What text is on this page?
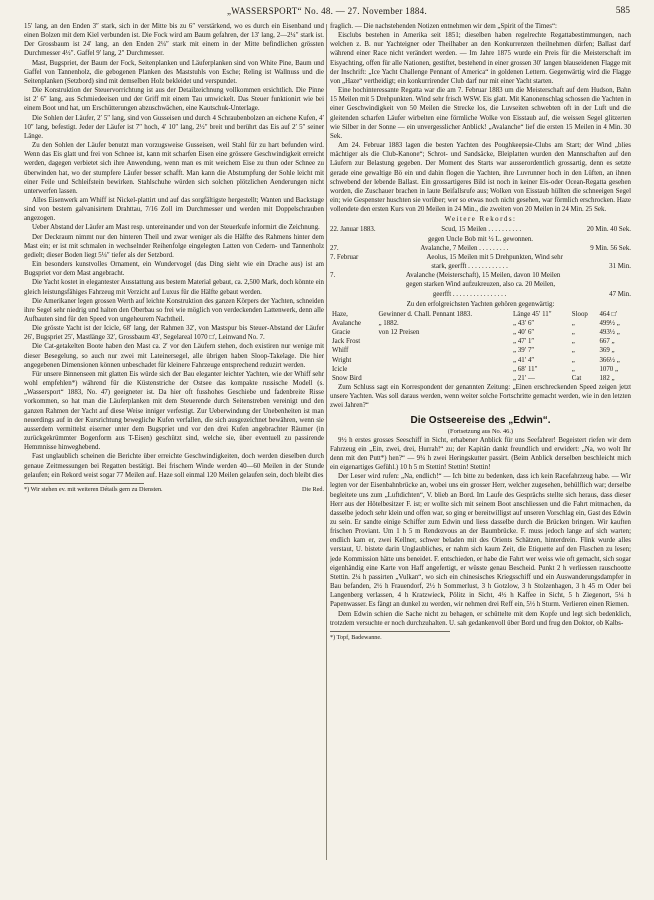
„WASSERSPORT“ No. 48. — 27. November 1884.	585

15′ lang, an den Enden 3″ stark, sich in der Mitte bis zu 6″ verstärkend, wo es durch ein Eisenband und einen Bolzen mit dem Kiel verbunden ist. Die Fock wird am Baum gefahren, der 13′ lang, 2—2¼″ stark ist. Der Grossbaum ist 24′ lang, an den Enden 2¼″ stark mit einem in der Mitte befindlichen grössten Durchmesser 4½″. Gaffel 9′ lang, 2″ Durchmesser.

Mast, Bugspriet, der Baum der Fock, Seitenplanken und Läuferplanken sind von White Pine, Baum und Gaffel von Tannenholz, die gebogenen Planken des Maststuhls von Esche; Reling ist Wallnuss und die Seitenplanken (Setzbord) sind mit demselben Holz bekleidet und verspundet.

Die Konstruktion der Steuervorrichtung ist aus der Detailzeichnung vollkommen ersichtlich. Die Pinne ist 2′ 6″ lang, aus Schmiedeeisen und der Griff mit einem Tau umwickelt. Das Steuer funktionirt wie bei einem Boot und hat, um Erschütterungen abzuschwächen, eine Kautschuk-Unterlage.

Die Sohlen der Läufer, 2′ 5″ lang, sind von Gusseisen und durch 4 Schraubenbolzen an eichene Kufen, 4′ 10″ lang, befestigt. Jeder der Läufer ist 7″ hoch, 4′ 10″ lang, 2½″ breit und berührt das Eis auf 2′ 5″ seiner Länge.

Zu den Sohlen der Läufer benutzt man vorzugsweise Gusseisen, weil Stahl für zu hart befunden wird. Wenn das Eis glatt und frei von Schnee ist, kann mit scharfen Eisen eine grössere Geschwindigkeit erreicht werden, dagegen verbietet sich ihre Anwendung, wenn man es mit weichem Eise zu thun oder Schnee zu überwinden hat, wo der stumpfere Läufer besser schafft. Man kann die Abstumpfung der Sohle leicht mit einer Feile und Schleifstein bewirken. Stahlschuhe würden sich solchen plötzlichen Aenderungen nicht unterwerfen lassen.

Alles Eisenwerk am Whiff ist Nickel-plattirt und auf das sorgfältigste hergestellt; Wanten und Backstage sind von bestem galvanisirtem Drahttau, 7/16 Zoll im Durchmesser und werden mit Doppelschrauben angezogen.

Ueber Abstand der Läufer am Mast resp. untereinander und von der Steuerkufe informirt die Zeichnung.

Der Deckraum nimmt nur den hinteren Theil und zwar weniger als die Hälfte des Rahmens hinter dem Mast ein; er ist mit schmalen in wechselnder Reihenfolge eingelegten Latten von Cedern- und Tannenholz gedielt; dieser Boden liegt 5¼″ tiefer als der Setzbord.

Ein besonders kunstvolles Ornament, ein Wundervogel (das Ding sieht wie ein Drache aus) ist am Bugspriet vor dem Mast angebracht.

Die Yacht kostet in elegantester Ausstattung aus bestem Material gebaut, ca. 2,500 Mark, doch könnte ein gleich leistungsfähiges Fahrzeug mit Verzicht auf Luxus für die Hälfte gebaut werden.

Die Amerikaner legen grossen Werth auf leichte Konstruktion des ganzen Körpers der Yachten, schneiden ihre Segel sehr niedrig und halten den Oberbau so frei wie möglich von verdeckenden Lattenwerk, denn alle Aufbauten sind für den Speed von ungeheurem Nachtheil.

Die grösste Yacht ist der Icicle, 68′ lang, der Rahmen 32′, von Mastspur bis Steuer-Abstand der Läufer 26′, Bugspriet 25′, Mastlänge 32′, Grossbaum 43′, Segelareal 1070 □′, Leinwand No. 7.

Die Cat-getakelten Boote haben den Mast ca. 2′ vor den Läufern stehen, doch existiren nur wenige mit dieser Besegelung, so auch nur zwei mit Lateinersegel, alle übrigen haben Sloop-Takelage. Die hier angegebenen Dimensionen können unbeschadet für kleinere Fahrzeuge entsprechend reduzirt werden.

Für unsere Binnenseen mit glatten Eis würde sich der Bau eleganter leichter Yachten, wie der Whiff sehr wohl empfehlen*) während für die Küstenstriche der Ostsee das kompakte russische Modell (s. „Wassersport“ 1883, No. 47) geeigneter ist. Da hier oft fusshohes Geschiebe und fadenbreite Risse vorkommen, so hat man die Läuferplanken mit dem Steuerende durch Seitenstreben vereinigt und den ganzen Rahmen der Yacht auf diese Weise inniger verfestigt. Zur Ueberwindung der Unebenheiten ist man neuerdings auf in der Kursrichtung bewegliche Kufen verfallen, die sich ausgezeichnet bewähren, wenn sie ausserdem vermittelst eiserner unter dem Bugspriet und vor den drei Kufen angebrachter Räumer (in zurückgekrümmter Bogenform aus T-Eisen) geschützt sind, welche sie, über eventuell zu passirende Hemmnisse hinweghebend.

Fast unglaublich scheinen die Berichte über erreichte Geschwindigkeiten, doch werden dieselben durch genaue Zeitmessungen bei Regatten bestätigt. Bei frischem Winde werden 40—60 Meilen in der Stunde gelaufen; ein Rekord weist sogar 77 Meilen auf. Haze soll einmal 120 Meilen gelaufen sein, doch bleibt dies

*) Wir stehen ev. mit weiteren Détails gern zu Diensten.	Die Red.

fraglich. — Die nachstehenden Notizen entnehmen wir dem „Spirit of the Times“:

Eisclubs bestehen in Amerika seit 1851; dieselben haben regelrechte Regattabestimmungen, nach welchen z. B. nur Yachteigner oder Theilhaber an den Konkurrenzen theilnehmen dürfen; Ballast darf während einer Race nicht verändert werden. — Im Jahre 1875 wurde ein Preis für die Meisterschaft im Eisyachting, offen für alle Nationen, gestiftet, bestehend in einer grossen 30′ langen blauseidenen Flagge mit der Inschrift: „Ice Yacht Challenge Pennant of America“ in goldenen Lettern. Gegenwärtig wird die Flagge von „Haze“ vertheidigt; ein konkurrirender Club darf nur mit einer Yacht starten.

Eine hochinteressante Regatta war die am 7. Februar 1883 um die Meisterschaft auf dem Hudson, Bahn 15 Meilen mit 5 Drehpunkten. Wind sehr frisch WSW. Eis glatt. Mit Kanonenschlag schossen die Yachten in einer Geschwindigkeit von 50 Meilen die Strecke los, die Luvseiten schwebten oft in der Luft und die gleitenden scharfen Läufer wirbelten eine förmliche Wolke von Eisstaub auf, die weissen Segel glitzerten wie Silber in der Sonne — ein unvergesslicher Anblick! „Avalanche“ lief die ersten 15 Meilen in 4 Min. 30 Sek.

Am 24. Februar 1883 lagen die besten Yachten des Poughkeepsie-Clubs am Start; der Wind „blies mächtiger als die Club-Kanone“; Schrot- und Sandsäcke, Bleiplatten wurden den Mannschaften auf den Läufern zur Belastung gegeben. Der Moment des Starts war ausserordentlich grossartig, denn es setzte gerade eine gewaltige Bö ein und dahin flogen die Yachten, ihre Luvrunner hoch in den Lüften, an ihnen schwebend der lebende Ballast. Ein grossartigeres Bild ist noch in keiner Eis-oder Ocean-Regatta gesehen worden, die Zuschauer brachen in laute Beifallsrufe aus; Wolken von Eisstaub hüllten die schneeigen Segel ein; wie Gespenster huschten sie vorüber; wer so etwas noch nicht gesehen, war förmlich erschrocken. Haze vollendete den ersten Kurs von 20 Meilen in 24 Min., die zweiten von 20 Meilen in 24 Min. 25 Sek.

Weitere Rekords:
22. Januar 1883.	Scud, 15 Meilen . . . . . . . . . .	20 Min. 40 Sek.
gegen Uncle Bob mit ½ L. gewonnen.
27.	Avalanche, 7 Meilen . . . . . . . . .	9 Min. 56 Sek.
7. Februar	Aeolus, 15 Meilen mit 5 Drehpunkten, Wind sehr
stark, geerfft . . . . . . . . . . . .	31 Min.
7.	Avalanche (Meisterschaft), 15 Meilen, davon 10 Meilen
gegen starken Wind aufzukreuzen, also ca. 20 Meilen,
geerfft . . . . . . . . . . . . . . . .	47 Min.
Zu den erfolgreichsten Yachten gehören gegenwärtig:
Haze,	Gewinner d. Chall. Pennant 1883.	Länge 45′ 11″	Sloop	464 □′
Avalanche	„ 1882.	„ 43′ 6″	„	499½ „
Gracie	von 12 Preisen	„ 40′ 6″	„	493½ „
Jack Frost		„ 47′ 1″	„	667 „
Whiff		„ 39′ 7″	„	369 „
Wright		„ 41′ 4″	„	366½ „
Icicle		„ 68′ 11″	„	1070 „
Snow Bird		„ 21′ —	Cat	182 „

Zum Schluss sagt ein Korrespondent der genannten Zeitung: „Einen erschreckenden Speed zeigen jetzt unsere Yachten. Was soll daraus werden, wenn weiter solche Fortschritte gemacht werden, wie in den letzten zwei Jahren?“

Die Ostseereise des „Edwin“.
(Fortsetzung aus No. 46.)

9½ h erstes grosses Seeschiff in Sicht, erhabener Anblick für uns Seefahrer! Begeistert riefen wir dem Fahrzeug ein „Ein, zwei, drei, Hurrah!“ zu; der Kapitän dankt freundlich und erwidert: „Na, wo wolt Ihr denn mit den Putt*) hen?“ — 9¾ h zwei Heringskutter passirt. (Beim Anblick derselben beschleicht mich ein eigenartiges Gefühl.) 10 h 5 m Stettin! Stettin! Stettin!

Der Leser wird rufen: „Na, endlich!“ — Ich bitte zu bedenken, dass ich kein Racefahrzeug habe. — Wir legten vor der Eisenbahnbrücke an, wobei uns ein grosser Herr, welcher zugesehen, behülflich war; derselbe begleitete uns zum „Luftdichten“, V. blieb an Bord. Im Laufe des Gesprächs stellte sich heraus, dass dieser Herr aus der Hötelbesitzer F. ist; er wollte sich mit seinem Boot anschliessen und die Fahrt mitmachen, da dasselbe jedoch sehr klein und offen war, so ging er bereitwilligst auf unseren Vorschlag ein, Gast des Edwin zu sein. Er sandte einige Schiffer zum Edwin und liess dasselbe durch die Brücken bringen. Wir kauften frischen Proviant. Um 1 h 5 m Rendezvous an der Baumbrücke. F. muss jedoch lange auf sich warten; endlich kam er, zwei Kellner, schwer beladen mit des Orients Schätzen, hinterdrein. Flink wurde alles verstaut, U. bistete darin Unglaubliches, er nahm sich kaum Zeit, die Etiquette auf den Flaschen zu lesen; jede Kommission hätte uns beneidet. F. entschieden, er habe die Fahrt wer weiss wie oft gemacht, sich sogar eigenhändig eine Karte von Haff angefertigt, er wüsste genau Bescheid. Punkt 2 h verliessen rauschootte Stettin. 2¼ h passirten „Vulkan“, wo sich ein chinesisches Kriegsschiff und ein Auswanderungsdampfer in Bau befanden, 2½ h Frauendorf, 2½ h Sommerlust, 3 h Gotzlow, 3 h Stolzenhagen, 3 h 45 m Oder bei Langenberg verlassen, 4 h Kratzwieck, Pölitz in Sicht, 4½ h Kaffee in Sicht, 5 h Ziegenort, 5¼ h Papenwasser. Es fängt an dunkel zu werden, wir nehmen drei Reff ein, 5½ h Sturm. Verlieren einen Riemen.

Dem Edwin schien die Sache nicht zu behagen, er schüttelte mit dem Kopfe und legt sich bedenklich, trotzdem versuchte er noch durchzuhalten. U. sah gedankenvoll über Bord und frug den Doktor, ob Kalbs-

*) Topf, Badewanne.
